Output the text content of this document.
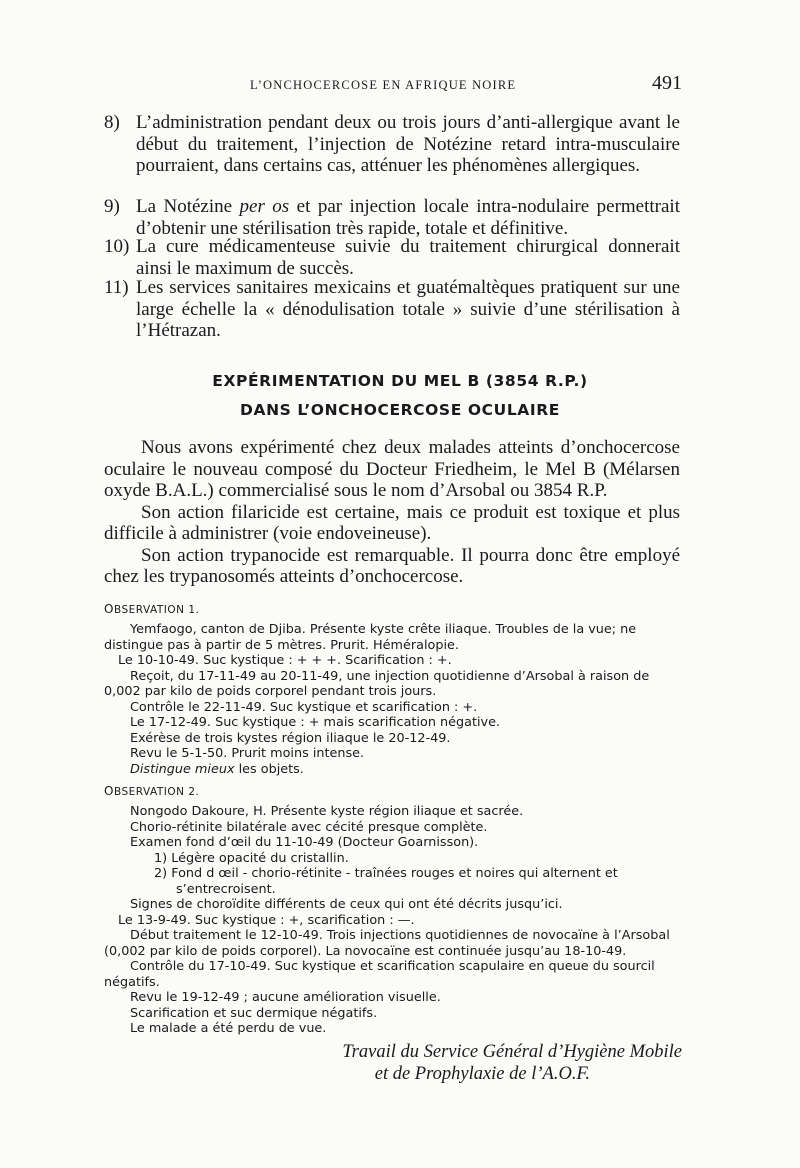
L’ONCHOCERCOSE EN AFRIQUE NOIRE	491
8) L’administration pendant deux ou trois jours d’anti-allergique avant le début du traitement, l’injection de Notézine retard intra-musculaire pourraient, dans certains cas, atténuer les phénomènes allergiques.
9) La Notézine per os et par injection locale intra-nodulaire permettrait d’obtenir une stérilisation très rapide, totale et définitive.
10) La cure médicamenteuse suivie du traitement chirurgical donnerait ainsi le maximum de succès.
11) Les services sanitaires mexicains et guatémaltèques pratiquent sur une large échelle la « dénodulisation totale » suivie d’une stérilisation à l’Hétrazan.
EXPÉRIMENTATION DU MEL B (3854 R.P.)
DANS L’ONCHOCERCOSE OCULAIRE

Nous avons expérimenté chez deux malades atteints d’onchocercose oculaire le nouveau composé du Docteur Friedheim, le Mel B (Mélarsen oxyde B.A.L.) commercialisé sous le nom d’Arsobal ou 3854 R.P.

Son action filaricide est certaine, mais ce produit est toxique et plus difficile à administrer (voie endoveineuse).

Son action trypanocide est remarquable. Il pourra donc être employé chez les trypanosomés atteints d’onchocercose.

OBSERVATION 1.
Yemfaogo, canton de Djiba. Présente kyste crête iliaque. Troubles de la vue; ne
distingue pas à partir de 5 mètres. Prurit. Héméralopie.
Le 10-10-49. Suc kystique : + + +. Scarification : +.
Reçoit, du 17-11-49 au 20-11-49, une injection quotidienne d’Arsobal à raison de
0,002 par kilo de poids corporel pendant trois jours.
Contrôle le 22-11-49. Suc kystique et scarification : +.
Le 17-12-49. Suc kystique : + mais scarification négative.
Exérèse de trois kystes région iliaque le 20-12-49.
Revu le 5-1-50. Prurit moins intense.
Distingue mieux les objets.
OBSERVATION 2.
Nongodo Dakoure, H. Présente kyste région iliaque et sacrée.
Chorio-rétinite bilatérale avec cécité presque complète.
Examen fond d’œil du 11-10-49 (Docteur Goarnisson).
1) Légère opacité du cristallin.
2) Fond d œil - chorio-rétinite - traînées rouges et noires qui alternent et
s’entrecroisent.
Signes de choroïdite différents de ceux qui ont été décrits jusqu’ici.
Le 13-9-49. Suc kystique : +, scarification : —.
Début traitement le 12-10-49. Trois injections quotidiennes de novocaïne à l’Arsobal
(0,002 par kilo de poids corporel). La novocaïne est continuée jusqu’au 18-10-49.
Contrôle du 17-10-49. Suc kystique et scarification scapulaire en queue du sourcil
négatifs.
Revu le 19-12-49 ; aucune amélioration visuelle.
Scarification et suc dermique négatifs.
Le malade a été perdu de vue.
Travail du Service Général d’Hygiène Mobile
et de Prophylaxie de l’A.O.F.
